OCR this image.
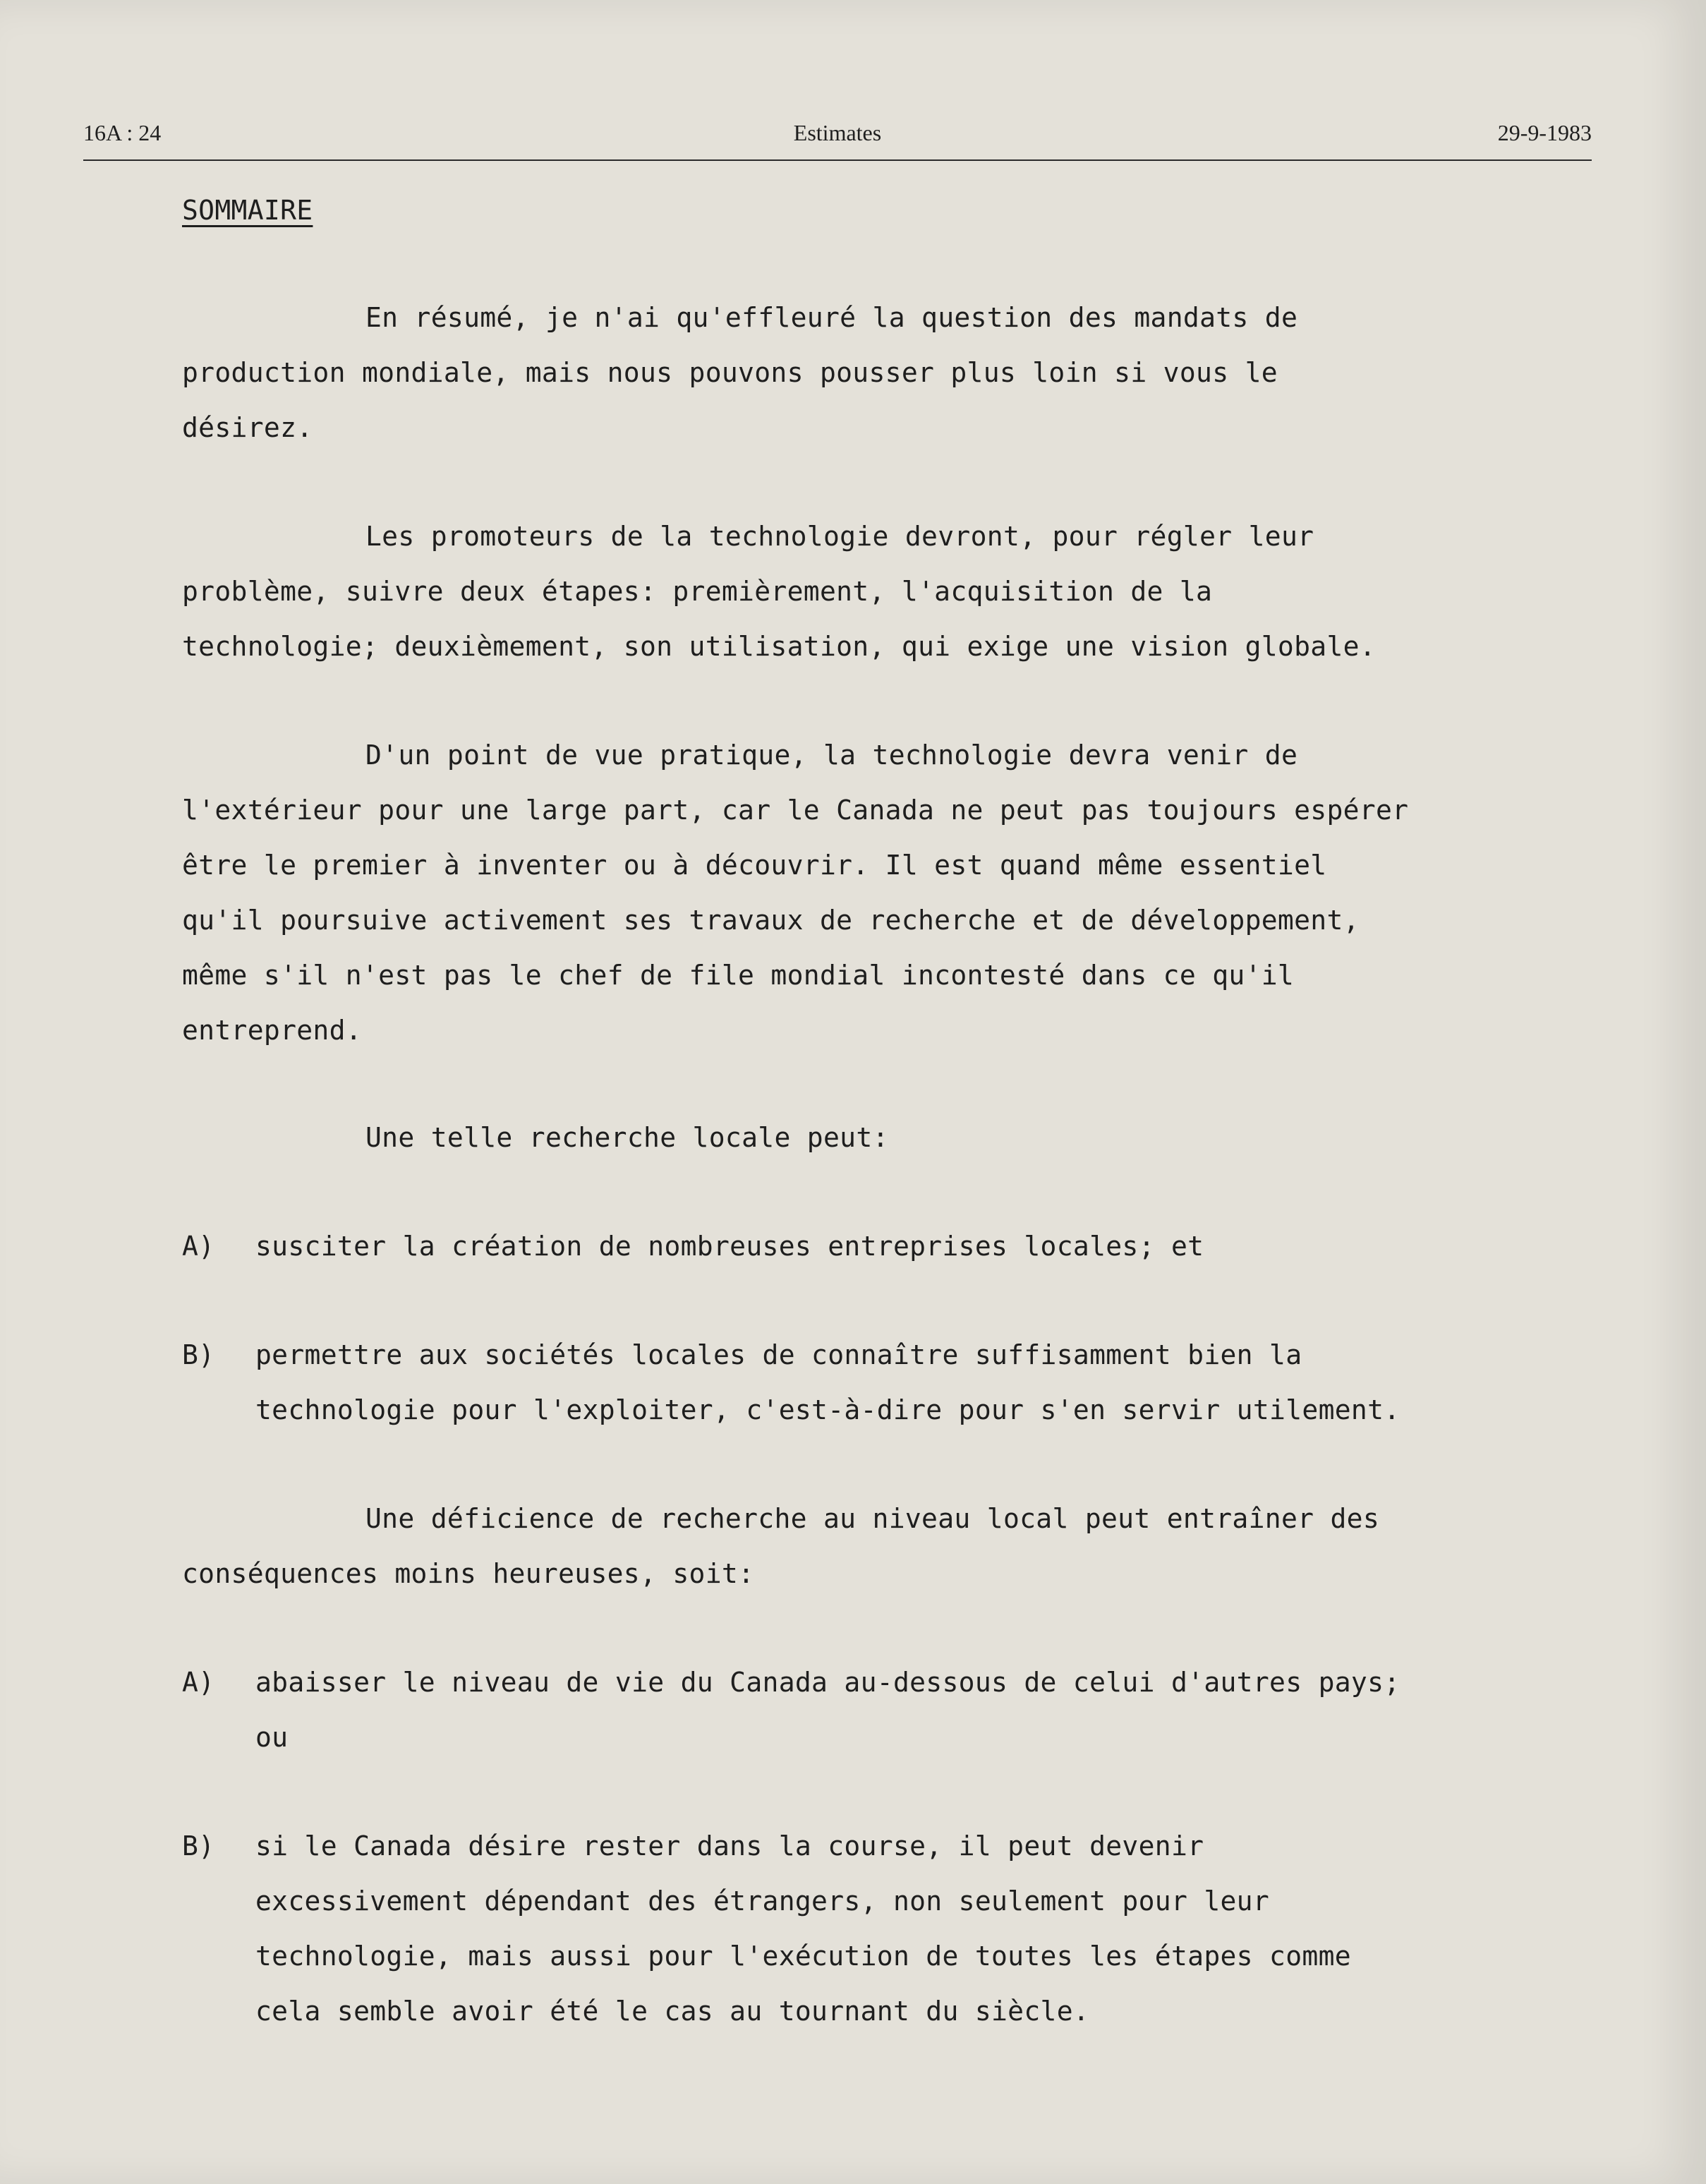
16A : 24	Estimates	29-9-1983
SOMMAIRE
En résumé, je n'ai qu'effleuré la question des mandats de
production mondiale, mais nous pouvons pousser plus loin si vous le
désirez.
Les promoteurs de la technologie devront, pour régler leur
problème, suivre deux étapes: premièrement, l'acquisition de la
technologie; deuxièmement, son utilisation, qui exige une vision globale.
D'un point de vue pratique, la technologie devra venir de
l'extérieur pour une large part, car le Canada ne peut pas toujours espérer
être le premier à inventer ou à découvrir. Il est quand même essentiel
qu'il poursuive activement ses travaux de recherche et de développement,
même s'il n'est pas le chef de file mondial incontesté dans ce qu'il
entreprend.
Une telle recherche locale peut:
A) susciter la création de nombreuses entreprises locales; et
B) permettre aux sociétés locales de connaître suffisamment bien la
technologie pour l'exploiter, c'est-à-dire pour s'en servir utilement.
Une déficience de recherche au niveau local peut entraîner des
conséquences moins heureuses, soit:
A) abaisser le niveau de vie du Canada au-dessous de celui d'autres pays;
ou
B) si le Canada désire rester dans la course, il peut devenir
excessivement dépendant des étrangers, non seulement pour leur
technologie, mais aussi pour l'exécution de toutes les étapes comme
cela semble avoir été le cas au tournant du siècle.
